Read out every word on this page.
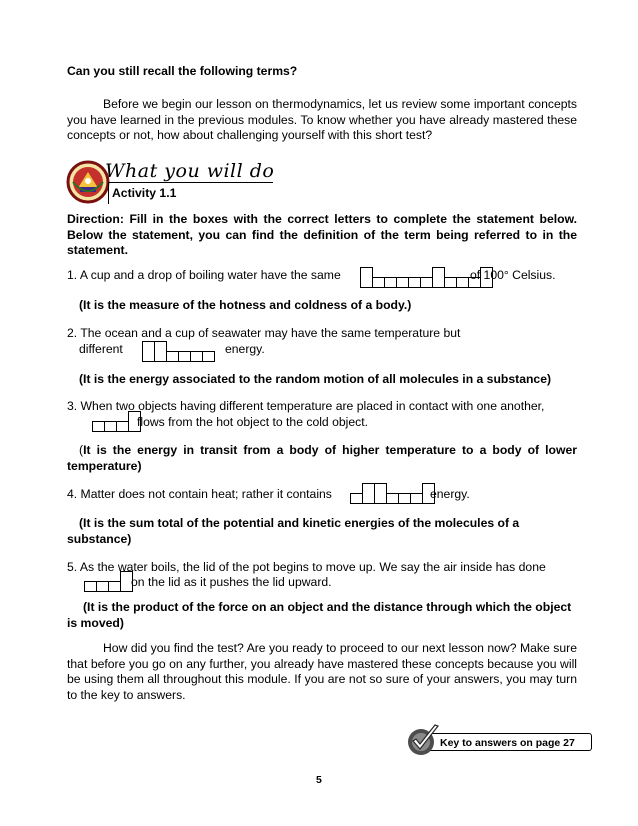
Can you still recall the following terms?
Before we begin our lesson on thermodynamics, let us review some important concepts you have learned in the previous modules. To know whether you have already mastered these concepts or not, how about challenging yourself with this short test?
What you will do
Activity 1.1
Direction: Fill in the boxes with the correct letters to complete the statement below. Below the statement, you can find the definition of the term being referred to in the statement.
1. A cup and a drop of boiling water have the same	of 100° Celsius.
(It is the measure of the hotness and coldness of a body.)
2. The ocean and a cup of seawater may have the same temperature but
different	energy.
(It is the energy associated to the random motion of all molecules in a substance)
3. When two objects having different temperature are placed in contact with one another,
flows from the hot object to the cold object.
(It is the energy in transit from a body of higher temperature to a body of lower temperature)
4. Matter does not contain heat; rather it contains	energy.
(It is the sum total of the potential and kinetic energies of the molecules of a substance)
5. As the water boils, the lid of the pot begins to move up. We say the air inside has done
on the lid as it pushes the lid upward.
(It is the product of the force on an object and the distance through which the object is moved)
How did you find the test? Are you ready to proceed to our next lesson now? Make sure that before you go on any further, you already have mastered these concepts because you will be using them all throughout this module. If you are not so sure of your answers, you may turn to the key to answers.
Key to answers on page 27
5
